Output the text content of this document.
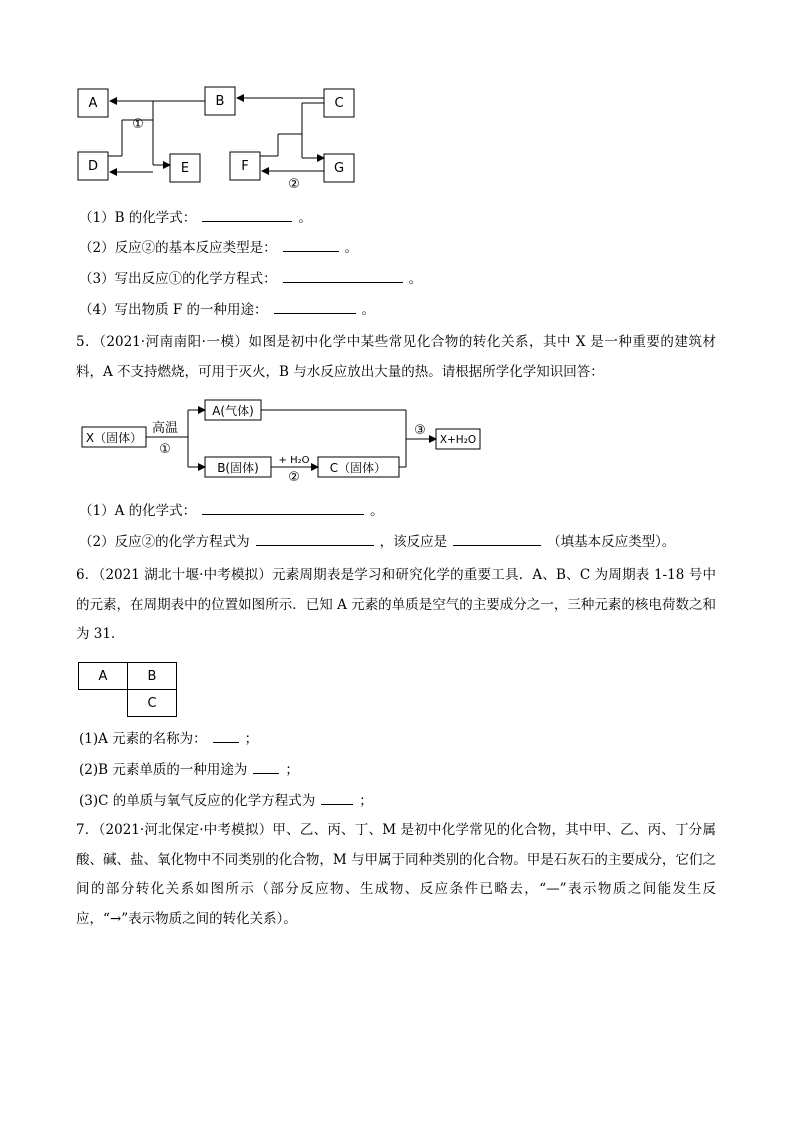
A
D
B
E
C
F	G
①
②
（1）B 的化学式：	。
（2）反应②的基本反应类型是：	。
（3）写出反应①的化学方程式：	。
（4）写出物质 F 的一种用途：	。
5．（2021·河南南阳·一模）如图是初中化学中某些常见化合物的转化关系，其中 X 是一种重要的建筑材料，A 不支持燃烧，可用于灭火，B 与水反应放出大量的热。请根据所学化学知识回答：
X（固体）
A(气体)
B(固体)	C（固体）
X+H₂O
高温
①
+ H₂O
②
③
（1）A 的化学式：	。
（2）反应②的化学方程式为	，该反应是	（填基本反应类型）。
6．（2021 湖北十堰·中考模拟）元素周期表是学习和研究化学的重要工具．A、B、C 为周期表 1-18 号中的元素，在周期表中的位置如图所示．已知 A 元素的单质是空气的主要成分之一，三种元素的核电荷数之和为 31．
A	B
	C
(1)A 元素的名称为：	；
(2)B 元素单质的一种用途为	；
(3)C 的单质与氧气反应的化学方程式为	；
7．（2021·河北保定·中考模拟）甲、乙、丙、丁、M 是初中化学常见的化合物，其中甲、乙、丙、丁分属酸、碱、盐、氧化物中不同类别的化合物，M 与甲属于同种类别的化合物。甲是石灰石的主要成分，它们之间的部分转化关系如图所示（部分反应物、生成物、反应条件已略去，“—”表示物质之间能发生反应，“→”表示物质之间的转化关系）。
